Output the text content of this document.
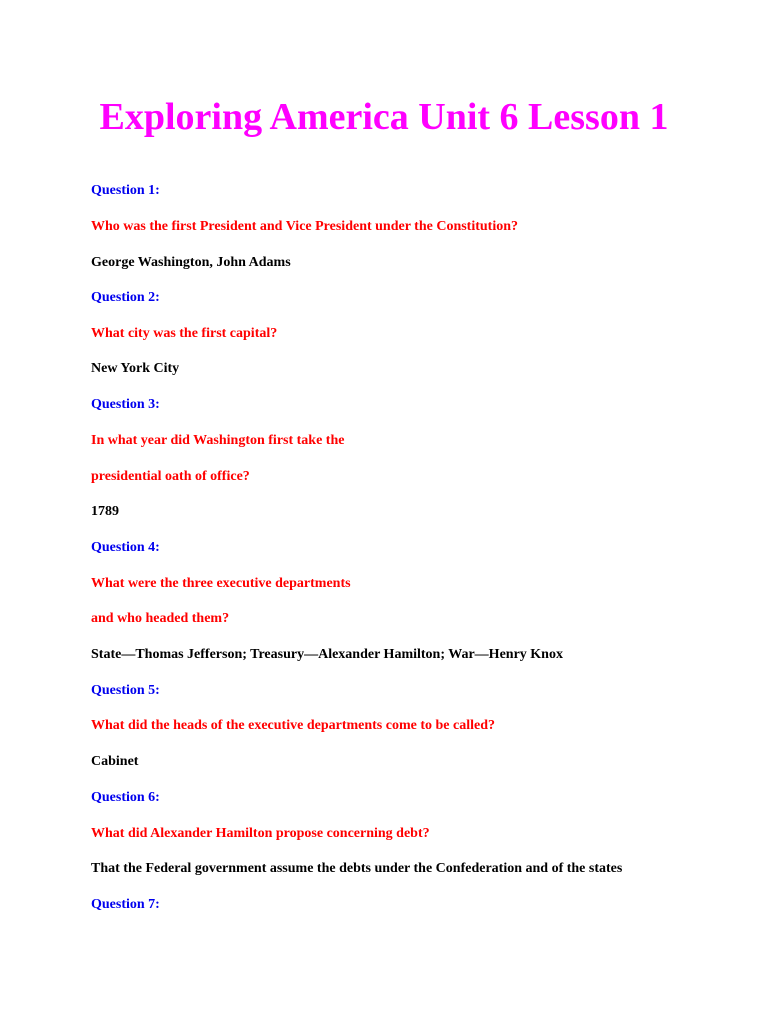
Exploring America Unit 6 Lesson 1
Question 1:
Who was the first President and Vice President under the Constitution?
George Washington, John Adams
Question 2:
What city was the first capital?
New York City
Question 3:
In what year did Washington first take the
presidential oath of office?
1789
Question 4:
What were the three executive departments
and who headed them?
State—Thomas Jefferson; Treasury—Alexander Hamilton; War—Henry Knox
Question 5:
What did the heads of the executive departments come to be called?
Cabinet
Question 6:
What did Alexander Hamilton propose concerning debt?
That the Federal government assume the debts under the Confederation and of the states
Question 7:
